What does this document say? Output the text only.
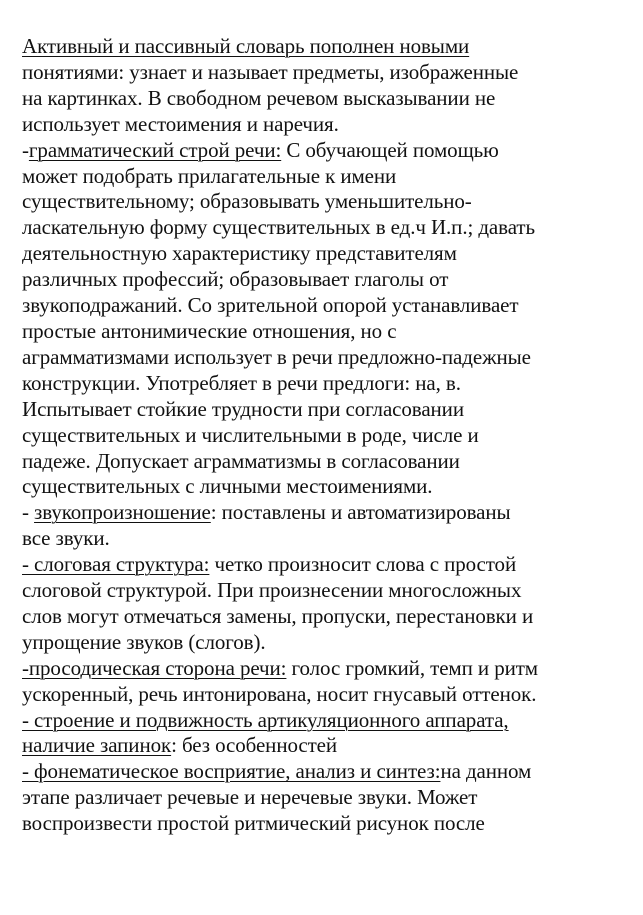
Активный и пассивный словарь пополнен новыми
понятиями: узнает и называет предметы, изображенные
на картинках. В свободном речевом высказывании не
использует местоимения и наречия.
-грамматический строй речи: С обучающей помощью
может подобрать прилагательные к имени
существительному; образовывать уменьшительно-
ласкательную форму существительных в ед.ч И.п.; давать
деятельностную характеристику представителям
различных профессий; образовывает глаголы от
звукоподражаний. Со зрительной опорой устанавливает
простые антонимические отношения, но с
аграмматизмами использует в речи предложно-падежные
конструкции. Употребляет в речи предлоги: на, в.
Испытывает стойкие трудности при согласовании
существительных и числительными в роде, числе и
падеже. Допускает аграмматизмы в согласовании
существительных с личными местоимениями.
- звукопроизношение: поставлены и автоматизированы
все звуки.
- слоговая структура: четко произносит слова с простой
слоговой структурой. При произнесении многосложных
слов могут отмечаться замены, пропуски, перестановки и
упрощение звуков (слогов).
-просодическая сторона речи: голос громкий, темп и ритм
ускоренный, речь интонирована, носит гнусавый оттенок.
- строение и подвижность артикуляционного аппарата,
наличие запинок: без особенностей
- фонематическое восприятие, анализ и синтез:на данном
этапе различает речевые и неречевые звуки. Может
воспроизвести простой ритмический рисунок после
